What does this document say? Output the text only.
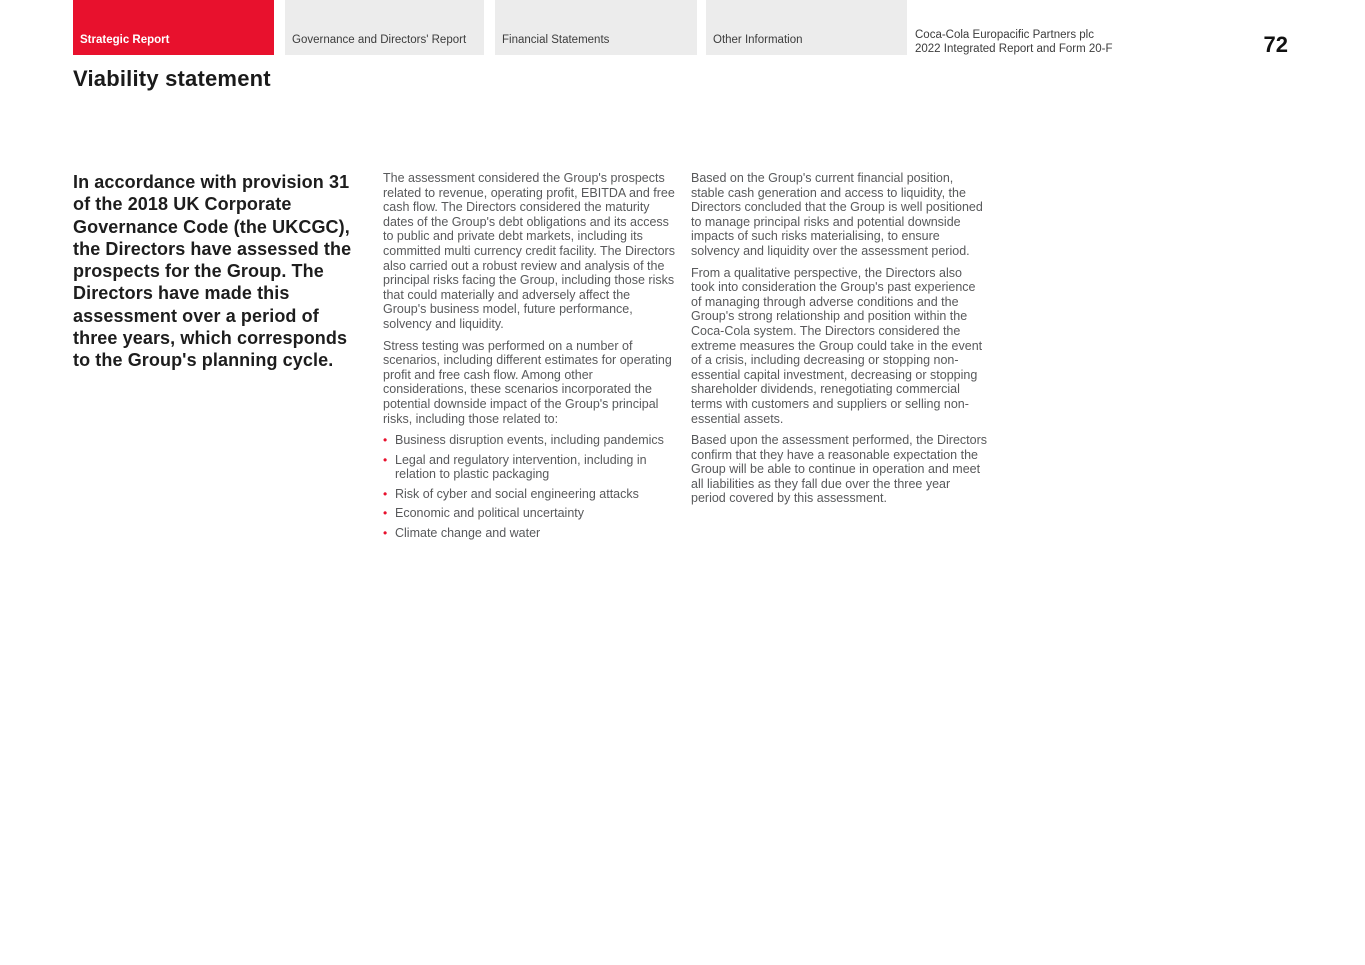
Strategic Report	Governance and Directors' Report	Financial Statements	Other Information	Coca-Cola Europacific Partners plc
2022 Integrated Report and Form 20-F	72
Viability statement

In accordance with provision 31 of the 2018 UK Corporate Governance Code (the UKCGC), the Directors have assessed the prospects for the Group. The Directors have made this assessment over a period of three years, which corresponds to the Group's planning cycle.

The assessment considered the Group's prospects related to revenue, operating profit, EBITDA and free cash flow. The Directors considered the maturity dates of the Group's debt obligations and its access to public and private debt markets, including its committed multi currency credit facility. The Directors also carried out a robust review and analysis of the principal risks facing the Group, including those risks that could materially and adversely affect the Group's business model, future performance, solvency and liquidity.

Stress testing was performed on a number of scenarios, including different estimates for operating profit and free cash flow. Among other considerations, these scenarios incorporated the potential downside impact of the Group's principal risks, including those related to:

• Business disruption events, including pandemics
• Legal and regulatory intervention, including in relation to plastic packaging
• Risk of cyber and social engineering attacks
• Economic and political uncertainty
• Climate change and water

Based on the Group's current financial position, stable cash generation and access to liquidity, the Directors concluded that the Group is well positioned to manage principal risks and potential downside impacts of such risks materialising, to ensure solvency and liquidity over the assessment period.

From a qualitative perspective, the Directors also took into consideration the Group's past experience of managing through adverse conditions and the Group's strong relationship and position within the Coca-Cola system. The Directors considered the extreme measures the Group could take in the event of a crisis, including decreasing or stopping non-essential capital investment, decreasing or stopping shareholder dividends, renegotiating commercial terms with customers and suppliers or selling non-essential assets.

Based upon the assessment performed, the Directors confirm that they have a reasonable expectation the Group will be able to continue in operation and meet all liabilities as they fall due over the three year period covered by this assessment.
